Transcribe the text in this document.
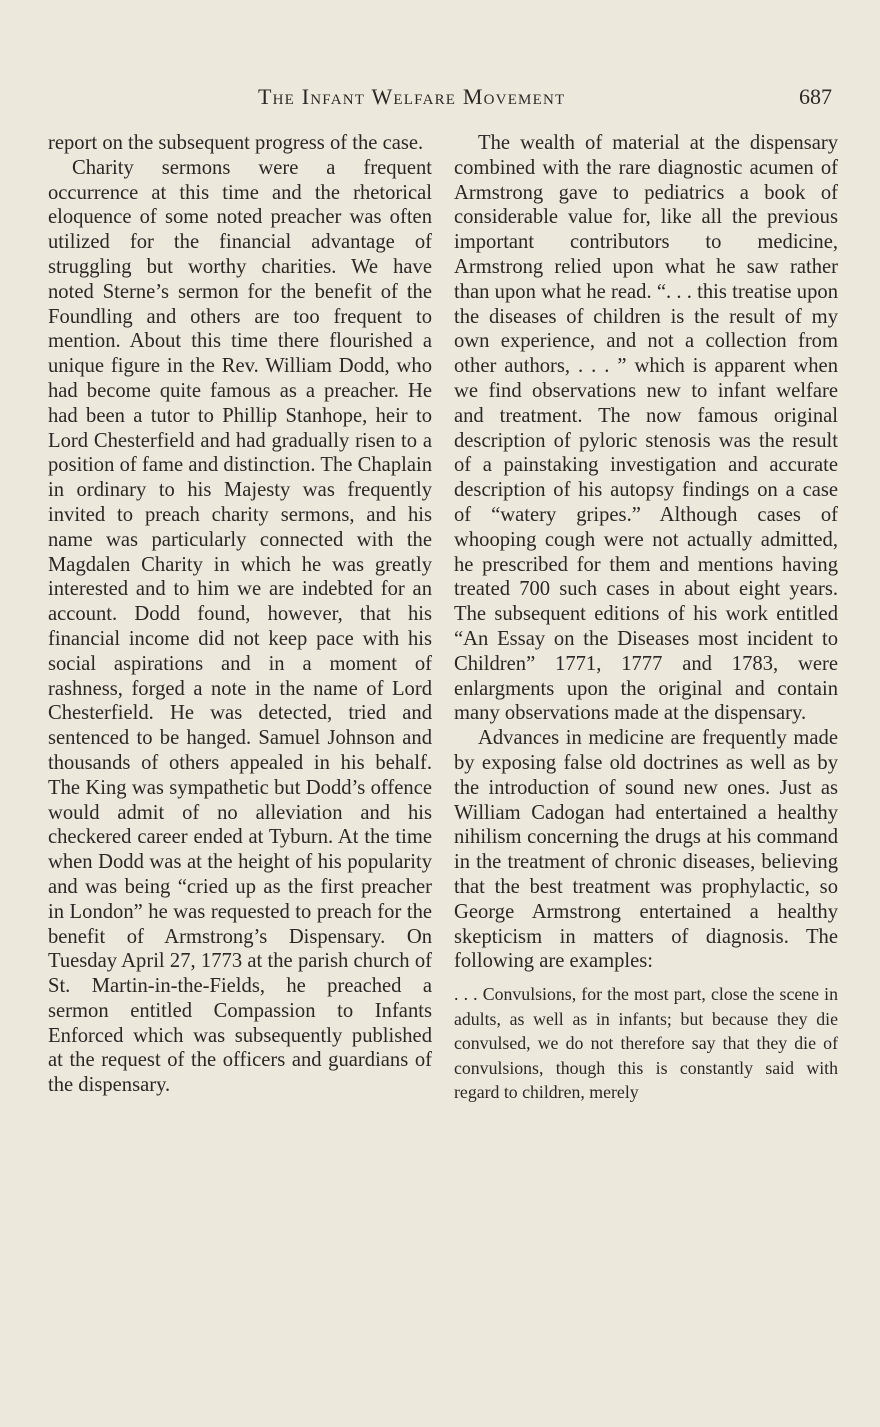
The Infant Welfare Movement	687

report on the subsequent progress of the case.

Charity sermons were a frequent occurrence at this time and the rhetorical eloquence of some noted preacher was often utilized for the financial advantage of struggling but worthy charities. We have noted Sterne’s sermon for the benefit of the Foundling and others are too frequent to mention. About this time there flourished a unique figure in the Rev. William Dodd, who had become quite famous as a preacher. He had been a tutor to Phillip Stanhope, heir to Lord Chesterfield and had gradually risen to a position of fame and distinction. The Chaplain in ordinary to his Majesty was frequently invited to preach charity sermons, and his name was particularly connected with the Magdalen Charity in which he was greatly interested and to him we are indebted for an account. Dodd found, however, that his financial income did not keep pace with his social aspirations and in a moment of rashness, forged a note in the name of Lord Chesterfield. He was detected, tried and sentenced to be hanged. Samuel Johnson and thousands of others appealed in his behalf. The King was sympathetic but Dodd’s offence would admit of no alleviation and his checkered career ended at Tyburn. At the time when Dodd was at the height of his popularity and was being “cried up as the first preacher in London” he was requested to preach for the benefit of Armstrong’s Dispensary. On Tuesday April 27, 1773 at the parish church of St. Martin-in-the-Fields, he preached a sermon entitled Compassion to Infants Enforced which was subsequently published at the request of the officers and guardians of the dispensary.

The wealth of material at the dispensary combined with the rare diagnostic acumen of Armstrong gave to pediatrics a book of considerable value for, like all the previous important contributors to medicine, Armstrong relied upon what he saw rather than upon what he read. “. . . this treatise upon the diseases of children is the result of my own experience, and not a collection from other authors, . . . ” which is apparent when we find observations new to infant welfare and treatment. The now famous original description of pyloric stenosis was the result of a painstaking investigation and accurate description of his autopsy findings on a case of “watery gripes.” Although cases of whooping cough were not actually admitted, he prescribed for them and mentions having treated 700 such cases in about eight years. The subsequent editions of his work entitled “An Essay on the Diseases most incident to Children” 1771, 1777 and 1783, were enlargments upon the original and contain many observations made at the dispensary.

Advances in medicine are frequently made by exposing false old doctrines as well as by the introduction of sound new ones. Just as William Cadogan had entertained a healthy nihilism concerning the drugs at his command in the treatment of chronic diseases, believing that the best treatment was prophylactic, so George Armstrong entertained a healthy skepticism in matters of diagnosis. The following are examples:

. . . Convulsions, for the most part, close the scene in adults, as well as in infants; but because they die convulsed, we do not therefore say that they die of convulsions, though this is constantly said with regard to children, merely
